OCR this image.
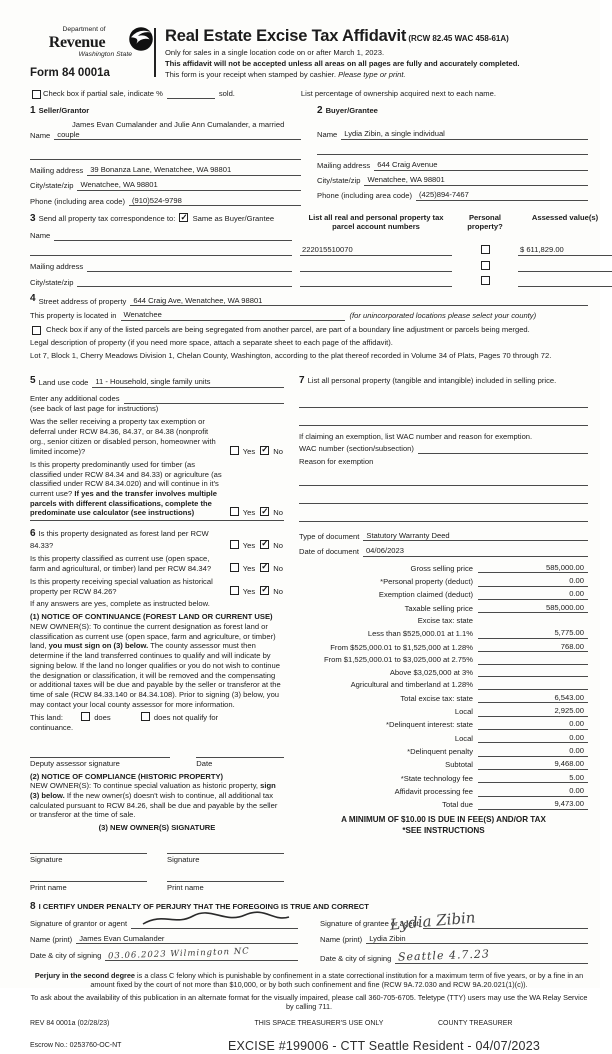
Department of
Revenue
Washington State
Form 84 0001a
Real Estate Excise Tax Affidavit (RCW 82.45 WAC 458-61A)
Only for sales in a single location code on or after March 1, 2023.
This affidavit will not be accepted unless all areas on all pages are fully and accurately completed.
This form is your receipt when stamped by cashier. Please type or print.
Check box if partial sale, indicate %	sold.	List percentage of ownership acquired next to each name.
1 Seller/Grantor
James Evan Cumalander and Julie Ann Cumalander, a married
Name couple
Mailing address 39 Bonanza Lane, Wenatchee, WA 98801
City/state/zip Wenatchee, WA 98801
Phone (including area code) (910)524-9798
2 Buyer/Grantee
Name Lydia Zibin, a single individual
Mailing address 644 Craig Avenue
City/state/zip Wenatchee, WA 98801
Phone (including area code) (425)894-7467
3 Send all property tax correspondence to: ✓ Same as Buyer/Grantee
Name
List all real and personal property tax parcel account numbers
Personal property?
Assessed value(s)
222015510070	$ 611,829.00
Mailing address
City/state/zip
4 Street address of property 644 Craig Ave, Wenatchee, WA 98801
This property is located in Wenatchee	(for unincorporated locations please select your county)
Check box if any of the listed parcels are being segregated from another parcel, are part of a boundary line adjustment or parcels being merged.
Legal description of property (if you need more space, attach a separate sheet to each page of the affidavit).
Lot 7, Block 1, Cherry Meadows Division 1, Chelan County, Washington, according to the plat thereof recorded in Volume 34 of Plats, Pages 70 through 72.
5 Land use code 11 - Household, single family units
Enter any additional codes
(see back of last page for instructions)
Was the seller receiving a property tax exemption or deferral under RCW 84.36, 84.37, or 84.38 (nonprofit org., senior citizen or disabled person, homeowner with limited income)?	Yes ✓ No
Is this property predominantly used for timber (as classified under RCW 84.34 and 84.33) or agriculture (as classified under RCW 84.34.020) and will continue in it's current use? If yes and the transfer involves multiple parcels with different classifications, complete the predominate use calculator (see instructions)	Yes ✓ No
6 Is this property designated as forest land per RCW 84.33?	Yes ✓ No
Is this property classified as current use (open space, farm and agricultural, or timber) land per RCW 84.34?	Yes ✓ No
Is this property receiving special valuation as historical property per RCW 84.26?	Yes ✓ No
If any answers are yes, complete as instructed below.
(1) NOTICE OF CONTINUANCE (FOREST LAND OR CURRENT USE)
NEW OWNER(S): To continue the current designation as forest land or classification as current use (open space, farm and agriculture, or timber) land, you must sign on (3) below. The county assessor must then determine if the land transferred continues to qualify and will indicate by signing below. If the land no longer qualifies or you do not wish to continue the designation or classification, it will be removed and the compensating or additional taxes will be due and payable by the seller or transferor at the time of sale (RCW 84.33.140 or 84.34.108). Prior to signing (3) below, you may contact your local county assessor for more information.
This land:	does	does not qualify for
continuance.
Deputy assessor signature	Date
(2) NOTICE OF COMPLIANCE (HISTORIC PROPERTY)
NEW OWNER(S): To continue special valuation as historic property, sign (3) below. If the new owner(s) doesn't wish to continue, all additional tax calculated pursuant to RCW 84.26, shall be due and payable by the seller or transferor at the time of sale.
(3) NEW OWNER(S) SIGNATURE
Signature	Signature
Print name	Print name
7 List all personal property (tangible and intangible) included in selling price.
If claiming an exemption, list WAC number and reason for exemption.
WAC number (section/subsection)
Reason for exemption
Type of document Statutory Warranty Deed
Date of document 04/06/2023
Gross selling price	585,000.00
*Personal property (deduct)	0.00
Exemption claimed (deduct)	0.00
Taxable selling price	585,000.00
Excise tax: state
Less than $525,000.01 at 1.1%	5,775.00
From $525,000.01 to $1,525,000 at 1.28%	768.00
From $1,525,000.01 to $3,025,000 at 2.75%
Above $3,025,000 at 3%
Agricultural and timberland at 1.28%
Total excise tax: state	6,543.00
Local	2,925.00
*Delinquent interest: state	0.00
Local	0.00
*Delinquent penalty	0.00
Subtotal	9,468.00
*State technology fee	5.00
Affidavit processing fee	0.00
Total due	9,473.00
A MINIMUM OF $10.00 IS DUE IN FEE(S) AND/OR TAX
*SEE INSTRUCTIONS
8 I CERTIFY UNDER PENALTY OF PERJURY THAT THE FOREGOING IS TRUE AND CORRECT
Signature of grantor or agent
Name (print) James Evan Cumalander
Date & city of signing 03.06.2023 Wilmington NC
Lydia Zibin
Signature of grantee or agent
Name (print) Lydia Zibin
Date & city of signing Seattle 4.7.23
Perjury in the second degree is a class C felony which is punishable by confinement in a state correctional institution for a maximum term of five years, or by a fine in an amount fixed by the court of not more than $10,000, or by both such confinement and fine (RCW 9A.72.030 and RCW 9A.20.021(1)(c)).
To ask about the availability of this publication in an alternate format for the visually impaired, please call 360-705-6705. Teletype (TTY) users may use the WA Relay Service by calling 711.
REV 84 0001a (02/28/23)	THIS SPACE TREASURER'S USE ONLY	COUNTY TREASURER
Escrow No.: 0253760-OC-NT	EXCISE #199006 - CTT Seattle Resident - 04/07/2023
